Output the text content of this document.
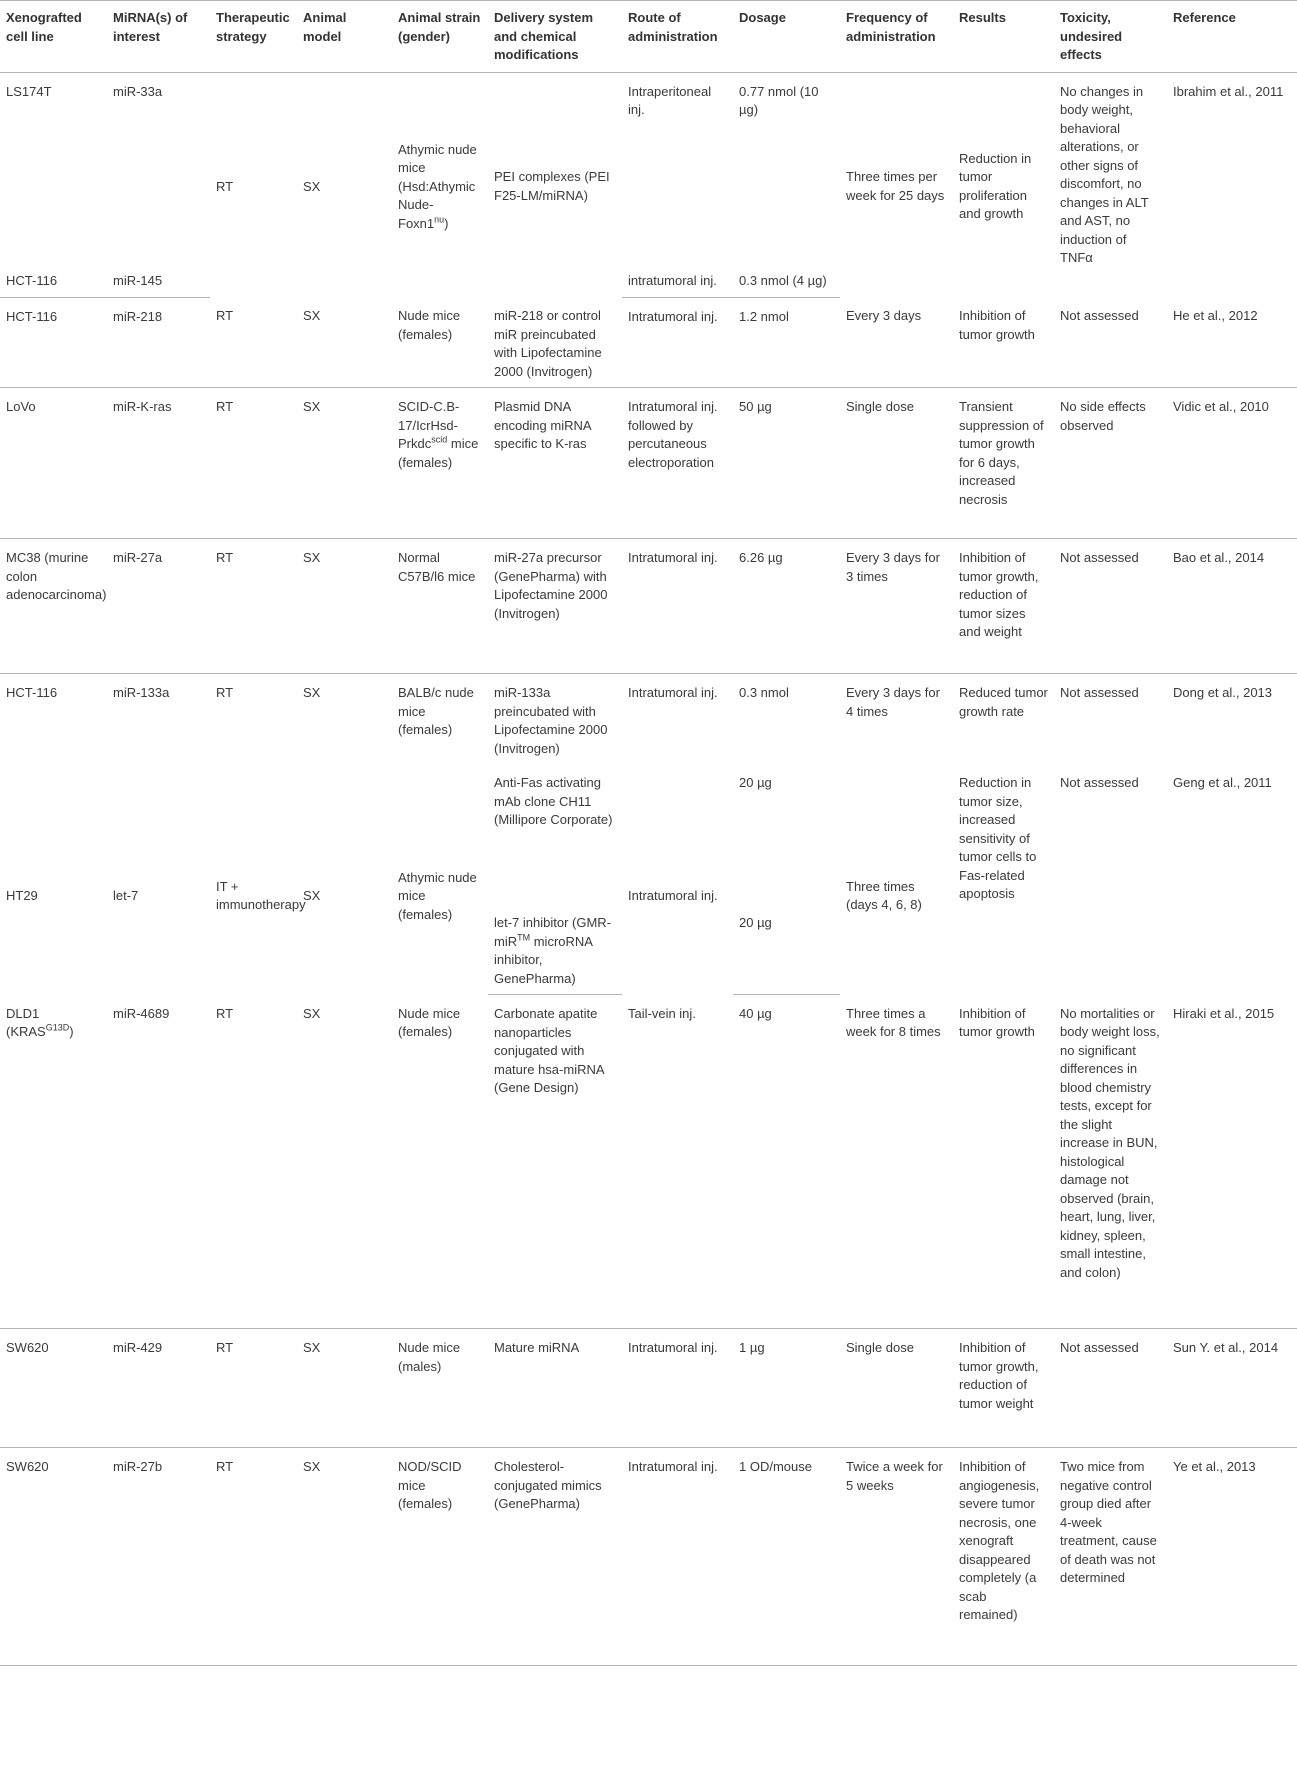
Xenografted cell line	MiRNA(s) of interest	Therapeutic strategy	Animal model	Animal strain (gender)	Delivery system and chemical modifications	Route of administration	Dosage	Frequency of administration	Results	Toxicity, undesired effects	Reference
LS174T	miR-33a	RT	SX	Athymic nude mice (Hsd:Athymic Nude-$Foxn1^{nu}$)	PEI complexes (PEI F25-LM/miRNA)	Intraperitoneal inj.	0.77 nmol (10 µg)	Three times per week for 25 days	Reduction in tumor proliferation and growth	No changes in body weight, behavioral alterations, or other signs of discomfort, no changes in ALT and AST, no induction of TNFα	Ibrahim et al., 2011
HCT-116	miR-145					intratumoral inj.	0.3 nmol (4 µg)				
HCT-116	miR-218	RT	SX	Nude mice (females)	miR-218 or control miR preincubated with Lipofectamine 2000 (Invitrogen)	Intratumoral inj.	1.2 nmol	Every 3 days	Inhibition of tumor growth	Not assessed	He et al., 2012
LoVo	miR-K-ras	RT	SX	SCID-C.B-17/IcrHsd-Prkdc$^{scid}$ mice (females)	Plasmid DNA encoding miRNA specific to K-ras	Intratumoral inj. followed by percutaneous electroporation	50 µg	Single dose	Transient suppression of tumor growth for 6 days, increased necrosis	No side effects observed	Vidic et al., 2010
MC38 (murine colon adenocarcinoma)	miR-27a	RT	SX	Normal C57B/l6 mice	miR-27a precursor (GenePharma) with Lipofectamine 2000 (Invitrogen)	Intratumoral inj.	6.26 µg	Every 3 days for 3 times	Inhibition of tumor growth, reduction of tumor sizes and weight	Not assessed	Bao et al., 2014
HCT-116	miR-133a	RT	SX	BALB/c nude mice (females)	miR-133a preincubated with Lipofectamine 2000 (Invitrogen)	Intratumoral inj.	0.3 nmol	Every 3 days for 4 times	Reduced tumor growth rate	Not assessed	Dong et al., 2013
HT29	let-7	IT + immunotherapy	SX	Athymic nude mice (females)	Anti-Fas activating mAb clone CH11 (Millipore Corporate)	Intratumoral inj.	20 µg	Three times (days 4, 6, 8)	Reduction in tumor size, increased sensitivity of tumor cells to Fas-related apoptosis	Not assessed	Geng et al., 2011
					let-7 inhibitor (GMR-miR™ microRNA inhibitor, GenePharma)		20 µg				
DLD1 $(KRAS^{G13D})$	miR-4689	RT	SX	Nude mice (females)	Carbonate apatite nanoparticles conjugated with mature hsa-miRNA (Gene Design)	Tail-vein inj.	40 µg	Three times a week for 8 times	Inhibition of tumor growth	No mortalities or body weight loss, no significant differences in blood chemistry tests, except for the slight increase in BUN, histological damage not observed (brain, heart, lung, liver, kidney, spleen, small intestine, and colon)	Hiraki et al., 2015
SW620	miR-429	RT	SX	Nude mice (males)	Mature miRNA	Intratumoral inj.	1 µg	Single dose	Inhibition of tumor growth, reduction of tumor weight	Not assessed	Sun Y. et al., 2014
SW620	miR-27b	RT	SX	NOD/SCID mice (females)	Cholesterol-conjugated mimics (GenePharma)	Intratumoral inj.	1 OD/mouse	Twice a week for 5 weeks	Inhibition of angiogenesis, severe tumor necrosis, one xenograft disappeared completely (a scab remained)	Two mice from negative control group died after 4-week treatment, cause of death was not determined	Ye et al., 2013
